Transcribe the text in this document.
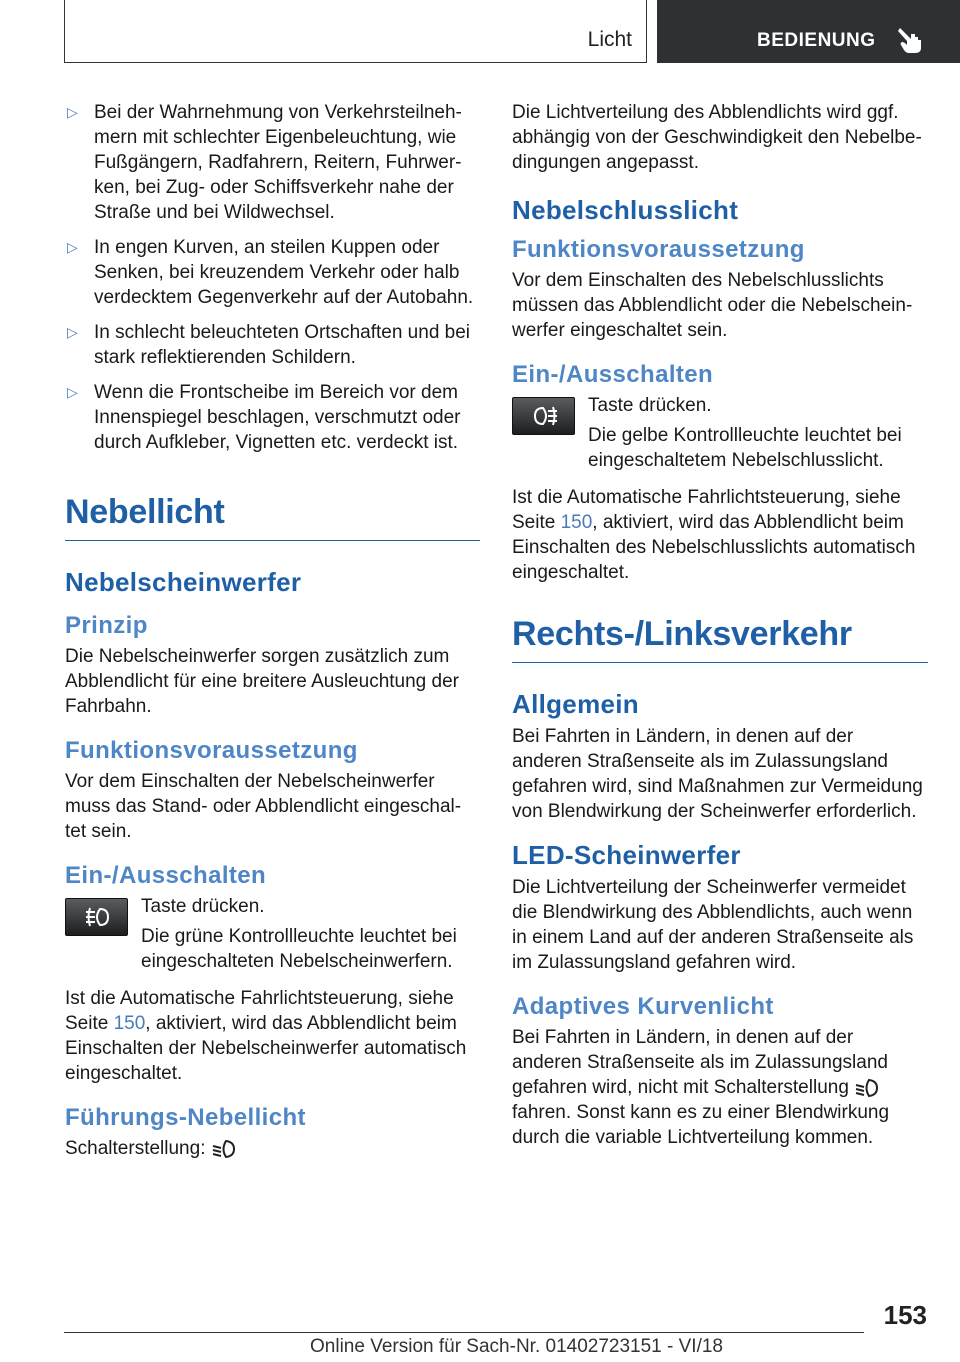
Licht	BEDIENUNG
▷ Bei der Wahrnehmung von Verkehrsteilneh-mern mit schlechter Eigenbeleuchtung, wie Fußgängern, Radfahrern, Reitern, Fuhrwer-ken, bei Zug- oder Schiffsverkehr nahe der Straße und bei Wildwechsel.
▷ In engen Kurven, an steilen Kuppen oder Senken, bei kreuzendem Verkehr oder halb verdecktem Gegenverkehr auf der Autobahn.
▷ In schlecht beleuchteten Ortschaften und bei stark reflektierenden Schildern.
▷ Wenn die Frontscheibe im Bereich vor dem Innenspiegel beschlagen, verschmutzt oder durch Aufkleber, Vignetten etc. verdeckt ist.
Nebellicht
Nebelscheinwerfer
Prinzip

Die Nebelscheinwerfer sorgen zusätzlich zum Abblendlicht für eine breitere Ausleuchtung der Fahrbahn.

Funktionsvoraussetzung

Vor dem Einschalten der Nebelscheinwerfer muss das Stand- oder Abblendlicht eingeschal-tet sein.

Ein-/Ausschalten

Taste drücken.

Die grüne Kontrollleuchte leuchtet bei eingeschalteten Nebelscheinwerfern.

Ist die Automatische Fahrlichtsteuerung, siehe Seite 150, aktiviert, wird das Abblendlicht beim Einschalten der Nebelscheinwerfer automatisch eingeschaltet.

Führungs-Nebellicht

Schalterstellung:

Die Lichtverteilung des Abblendlichts wird ggf. abhängig von der Geschwindigkeit den Nebelbe-dingungen angepasst.

Nebelschlusslicht
Funktionsvoraussetzung

Vor dem Einschalten des Nebelschlusslichts müssen das Abblendlicht oder die Nebelschein-werfer eingeschaltet sein.

Ein-/Ausschalten

Taste drücken.

Die gelbe Kontrollleuchte leuchtet bei eingeschaltetem Nebelschlusslicht.

Ist die Automatische Fahrlichtsteuerung, siehe Seite 150, aktiviert, wird das Abblendlicht beim Einschalten des Nebelschlusslichts automatisch eingeschaltet.

Rechts-/Linksverkehr
Allgemein

Bei Fahrten in Ländern, in denen auf der anderen Straßenseite als im Zulassungsland gefahren wird, sind Maßnahmen zur Vermeidung von Blendwirkung der Scheinwerfer erforderlich.

LED-Scheinwerfer

Die Lichtverteilung der Scheinwerfer vermeidet die Blendwirkung des Abblendlichts, auch wenn in einem Land auf der anderen Straßenseite als im Zulassungsland gefahren wird.

Adaptives Kurvenlicht

Bei Fahrten in Ländern, in denen auf der anderen Straßenseite als im Zulassungsland gefahren wird, nicht mit Schalterstellung  fahren. Sonst kann es zu einer Blendwirkung durch die variable Lichtverteilung kommen.

153
Online Version für Sach-Nr. 01402723151 - VI/18
